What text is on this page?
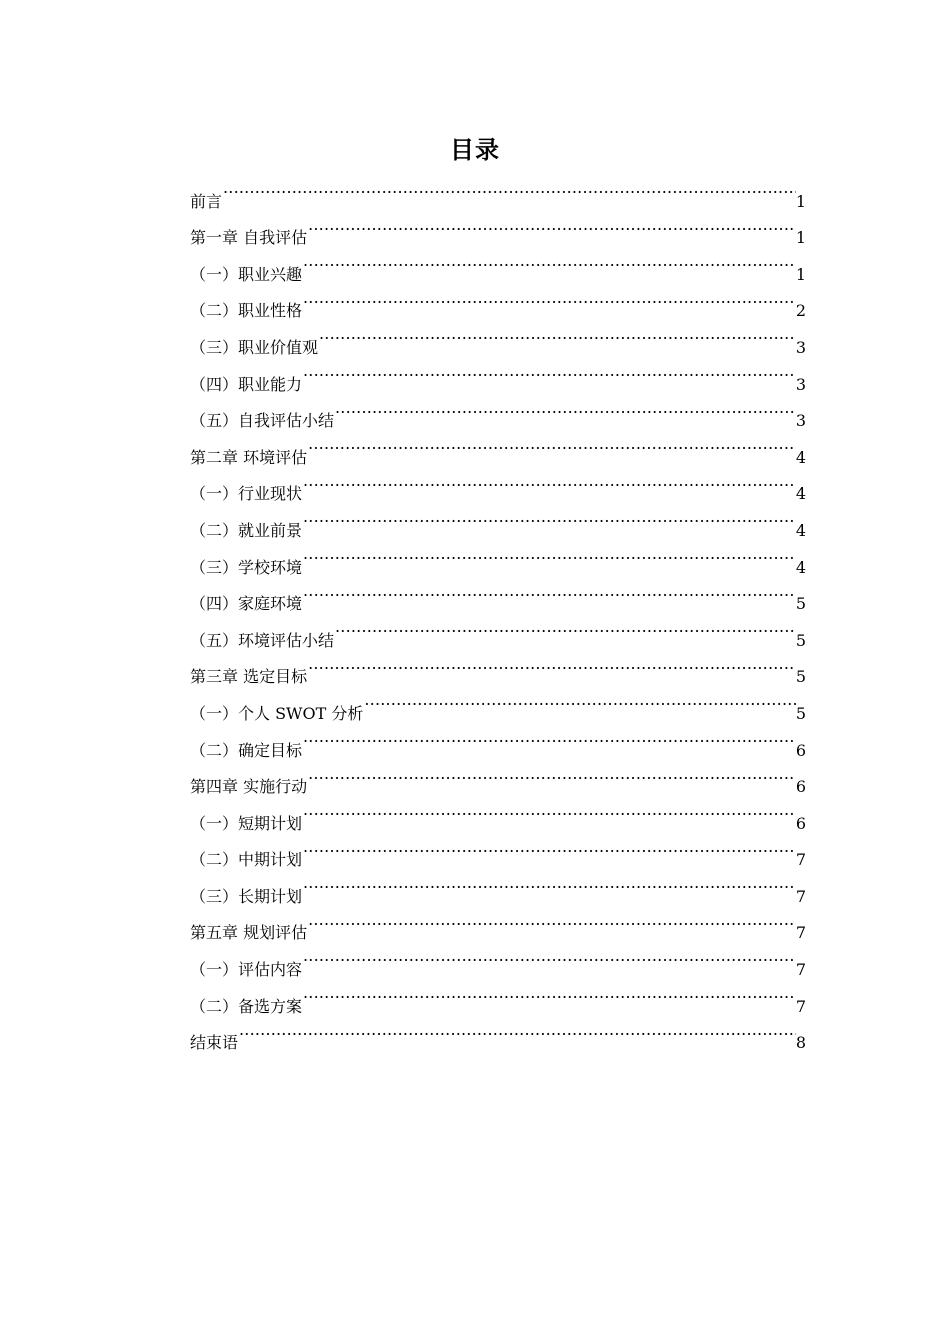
目录
前言 .....	1
第一章 自我评估 .....	1
（一）职业兴趣 .....	1
（二）职业性格 .....	2
（三）职业价值观 .....	3
（四）职业能力 .....	3
（五）自我评估小结 .....	3
第二章 环境评估 .....	4
（一）行业现状 .....	4
（二）就业前景 .....	4
（三）学校环境 .....	4
（四）家庭环境 .....	5
（五）环境评估小结 .....	5
第三章 选定目标 .....	5
（一）个人 SWOT 分析 .....	5
（二）确定目标 .....	6
第四章 实施行动 .....	6
（一）短期计划 .....	6
（二）中期计划 .....	7
（三）长期计划 .....	7
第五章 规划评估 .....	7
（一）评估内容 .....	7
（二）备选方案 .....	7
结束语 .....	8
